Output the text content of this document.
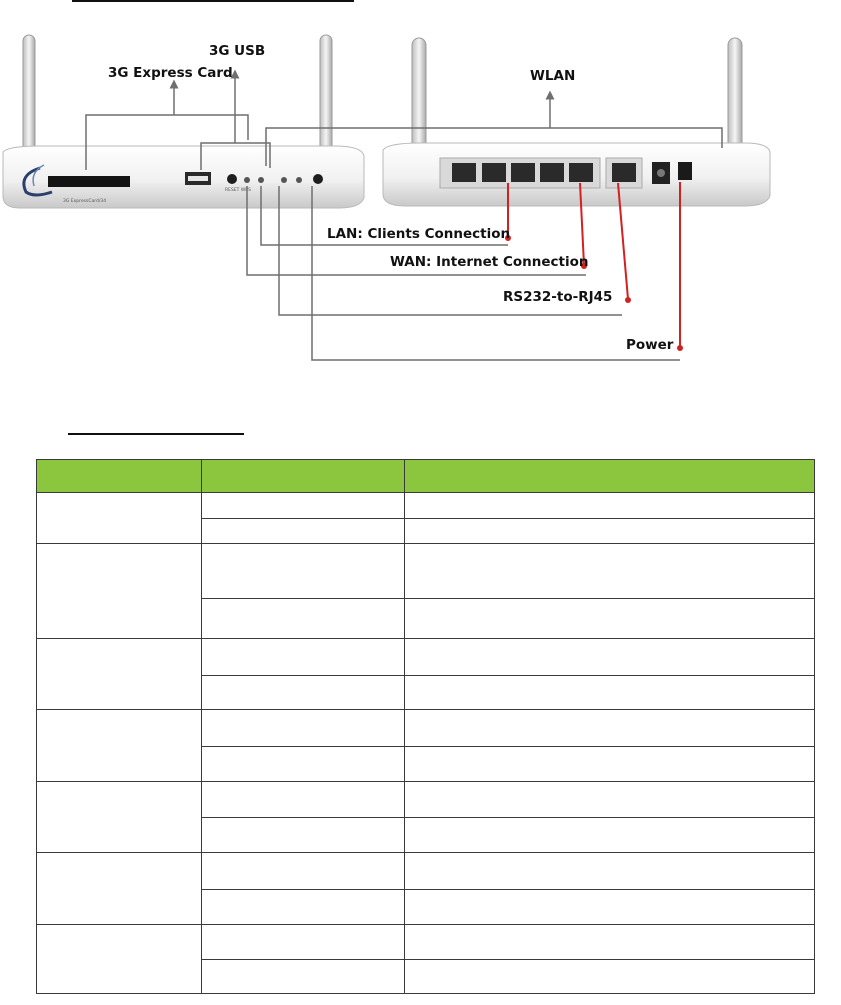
3G ExpressCard/34
RESET WPS
3G USB
3G Express Card	WLAN
LAN: Clients Connection
WAN: Internet Connection
RS232-to-RJ45
Power
